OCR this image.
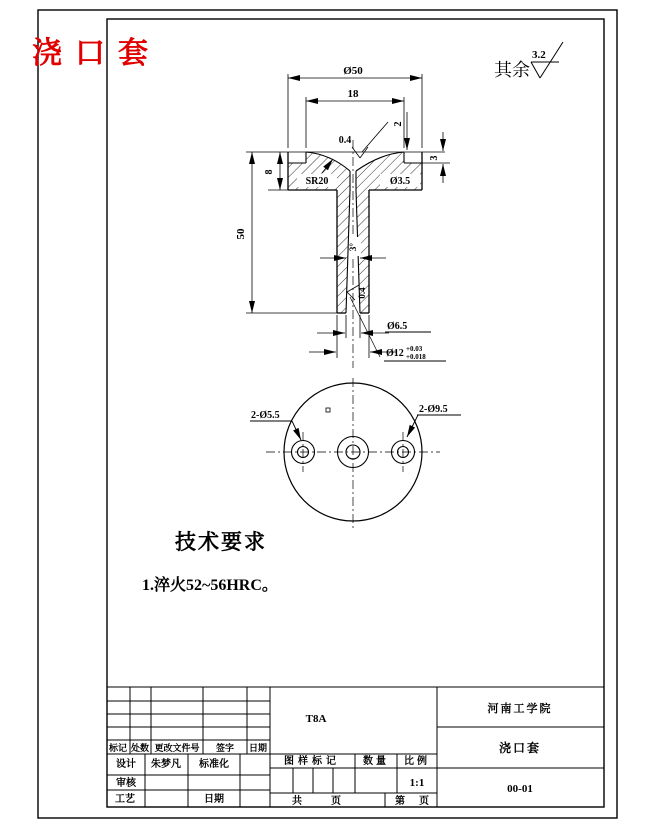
浇口套	其余
3.2
Ø50
18
2
3
8
50
0.4
SR20	Ø3.5
3°
0.4
Ø6.5
Ø12 +0.03
+0.018
2-Ø5.5
2-Ø9.5
技术要求
1.淬火52~56HRC。
标记 处数 更改文件号 签字 日期
设计 朱梦凡 标准化
审核
工艺	日期
T8A
图样标记 数量 比例
1:1
共	页	第 页
河南工学院
浇口套
00-01
